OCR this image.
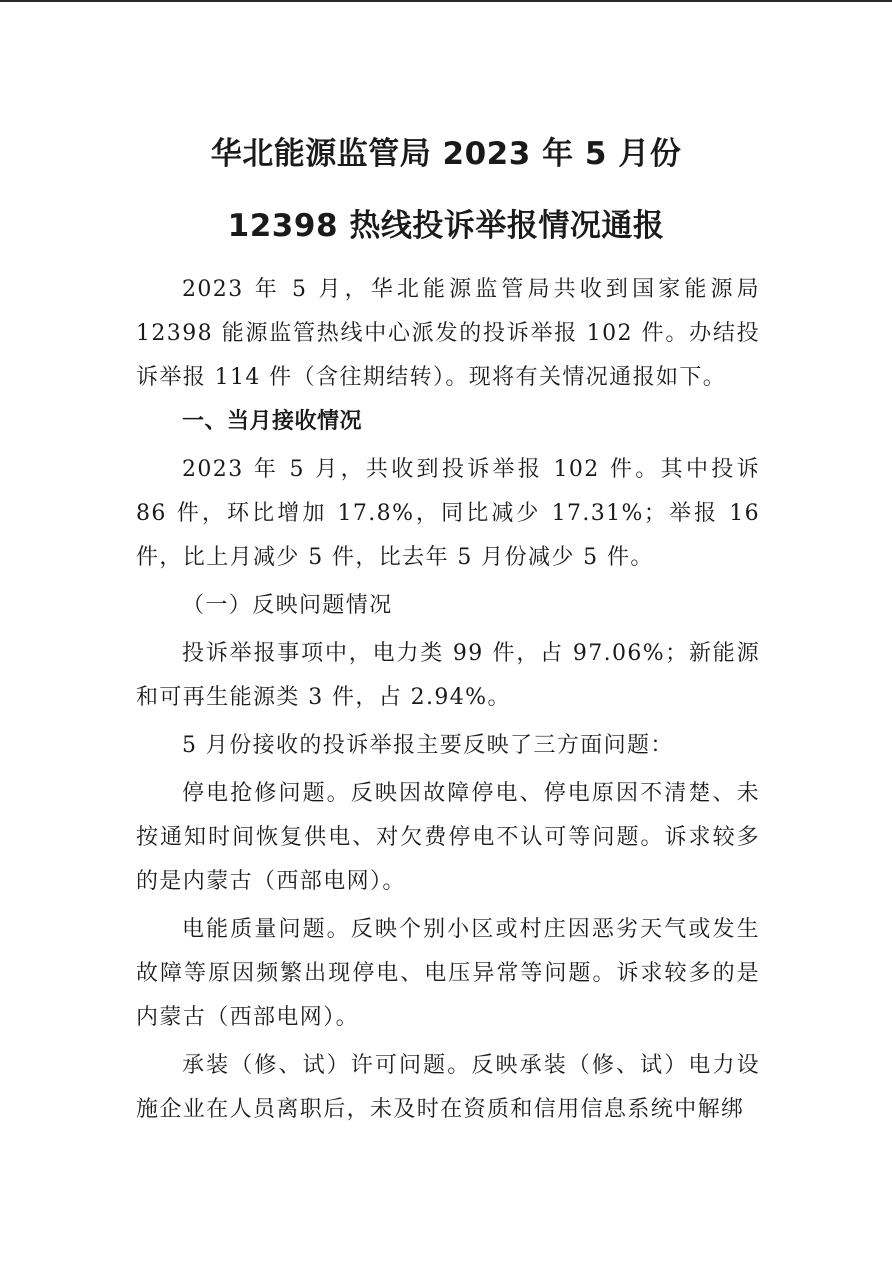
华北能源监管局 2023 年 5 月份
12398 热线投诉举报情况通报

2023 年 5 月，华北能源监管局共收到国家能源局 12398 能源监管热线中心派发的投诉举报 102 件。办结投诉举报 114 件（含往期结转）。现将有关情况通报如下。

一、当月接收情况

2023 年 5 月，共收到投诉举报 102 件。其中投诉 86 件，环比增加 17.8%，同比减少 17.31%；举报 16 件，比上月减少 5 件，比去年 5 月份减少 5 件。

（一）反映问题情况

投诉举报事项中，电力类 99 件，占 97.06%；新能源和可再生能源类 3 件，占 2.94%。

5 月份接收的投诉举报主要反映了三方面问题：

停电抢修问题。反映因故障停电、停电原因不清楚、未按通知时间恢复供电、对欠费停电不认可等问题。诉求较多的是内蒙古（西部电网）。

电能质量问题。反映个别小区或村庄因恶劣天气或发生故障等原因频繁出现停电、电压异常等问题。诉求较多的是内蒙古（西部电网）。

承装（修、试）许可问题。反映承装（修、试）电力设施企业在人员离职后，未及时在资质和信用信息系统中解绑
